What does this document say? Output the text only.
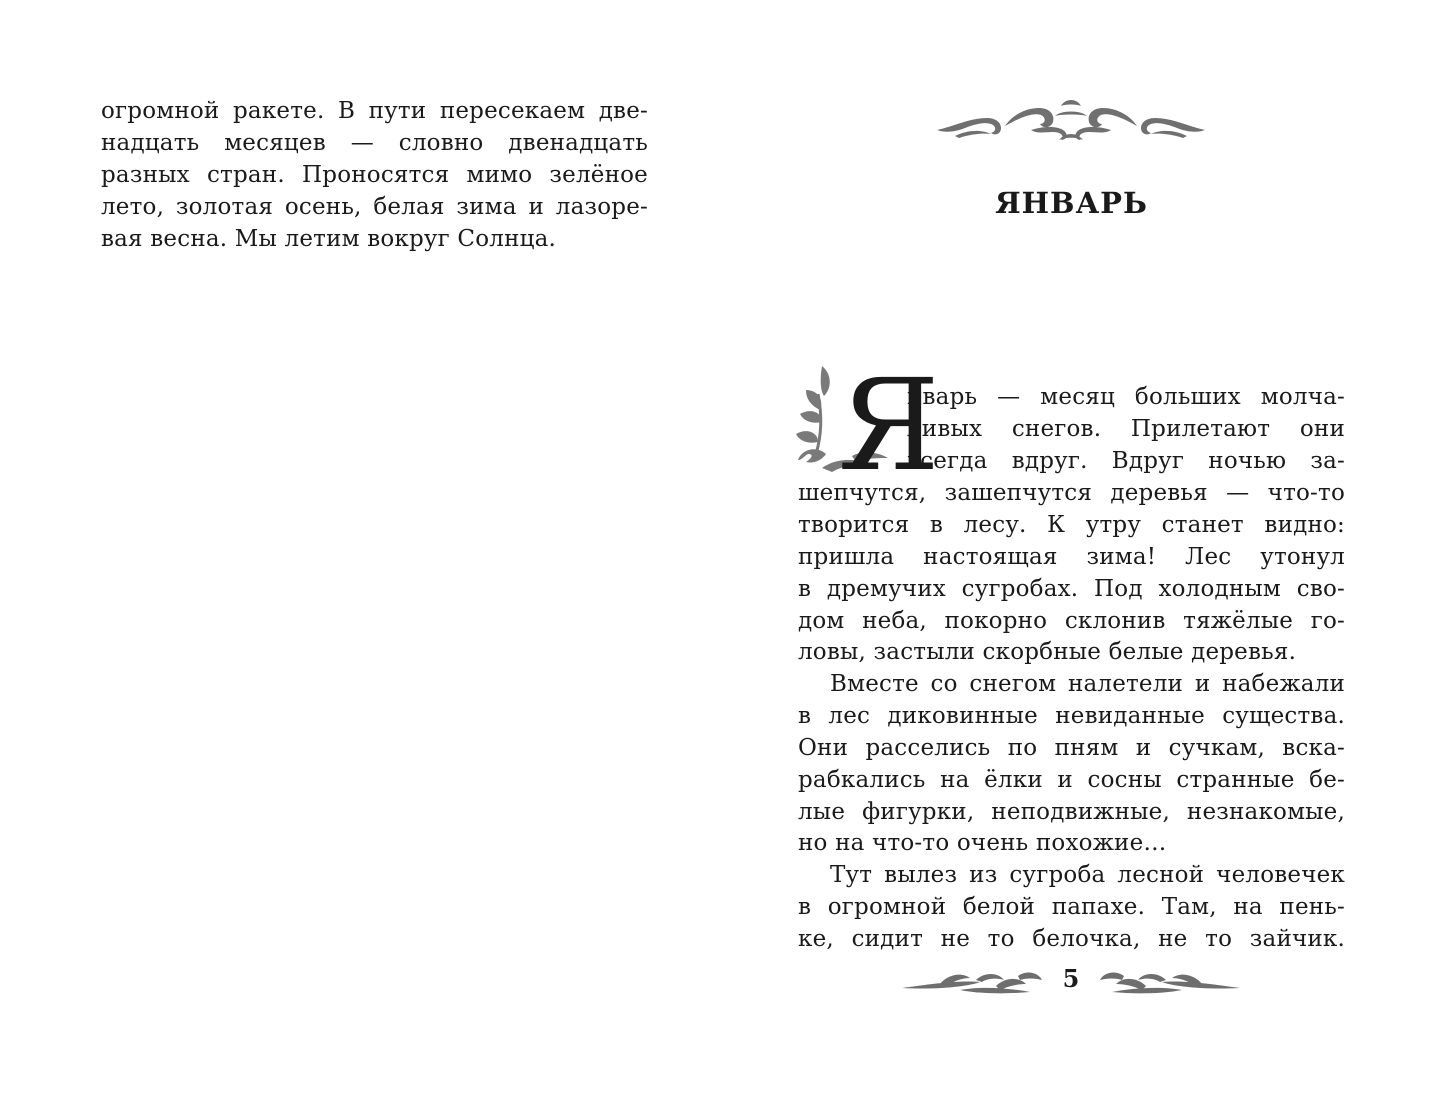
огромной ракете. В пути пересекаем две-

надцать месяцев — словно двенадцать

разных стран. Проносятся мимо зелёное

лето, золотая осень, белая зима и лазоре-

вая весна. Мы летим вокруг Солнца.

ЯНВАРЬ
Я

нварь — месяц больших молча-

ливых снегов. Прилетают они

всегда вдруг. Вдруг ночью за-

шепчутся, зашепчутся деревья — что-то

творится в лесу. К утру станет видно:

пришла настоящая зима! Лес утонул

в дремучих сугробах. Под холодным сво-

дом неба, покорно склонив тяжёлые го-

ловы, застыли скорбные белые деревья.

Вместе со снегом налетели и набежали

в лес диковинные невиданные существа.

Они расселись по пням и сучкам, вска-

рабкались на ёлки и сосны странные бе-

лые фигурки, неподвижные, незнакомые,

но на что-то очень похожие…

Тут вылез из сугроба лесной человечек

в огромной белой папахе. Там, на пень-

ке, сидит не то белочка, не то зайчик.

5
